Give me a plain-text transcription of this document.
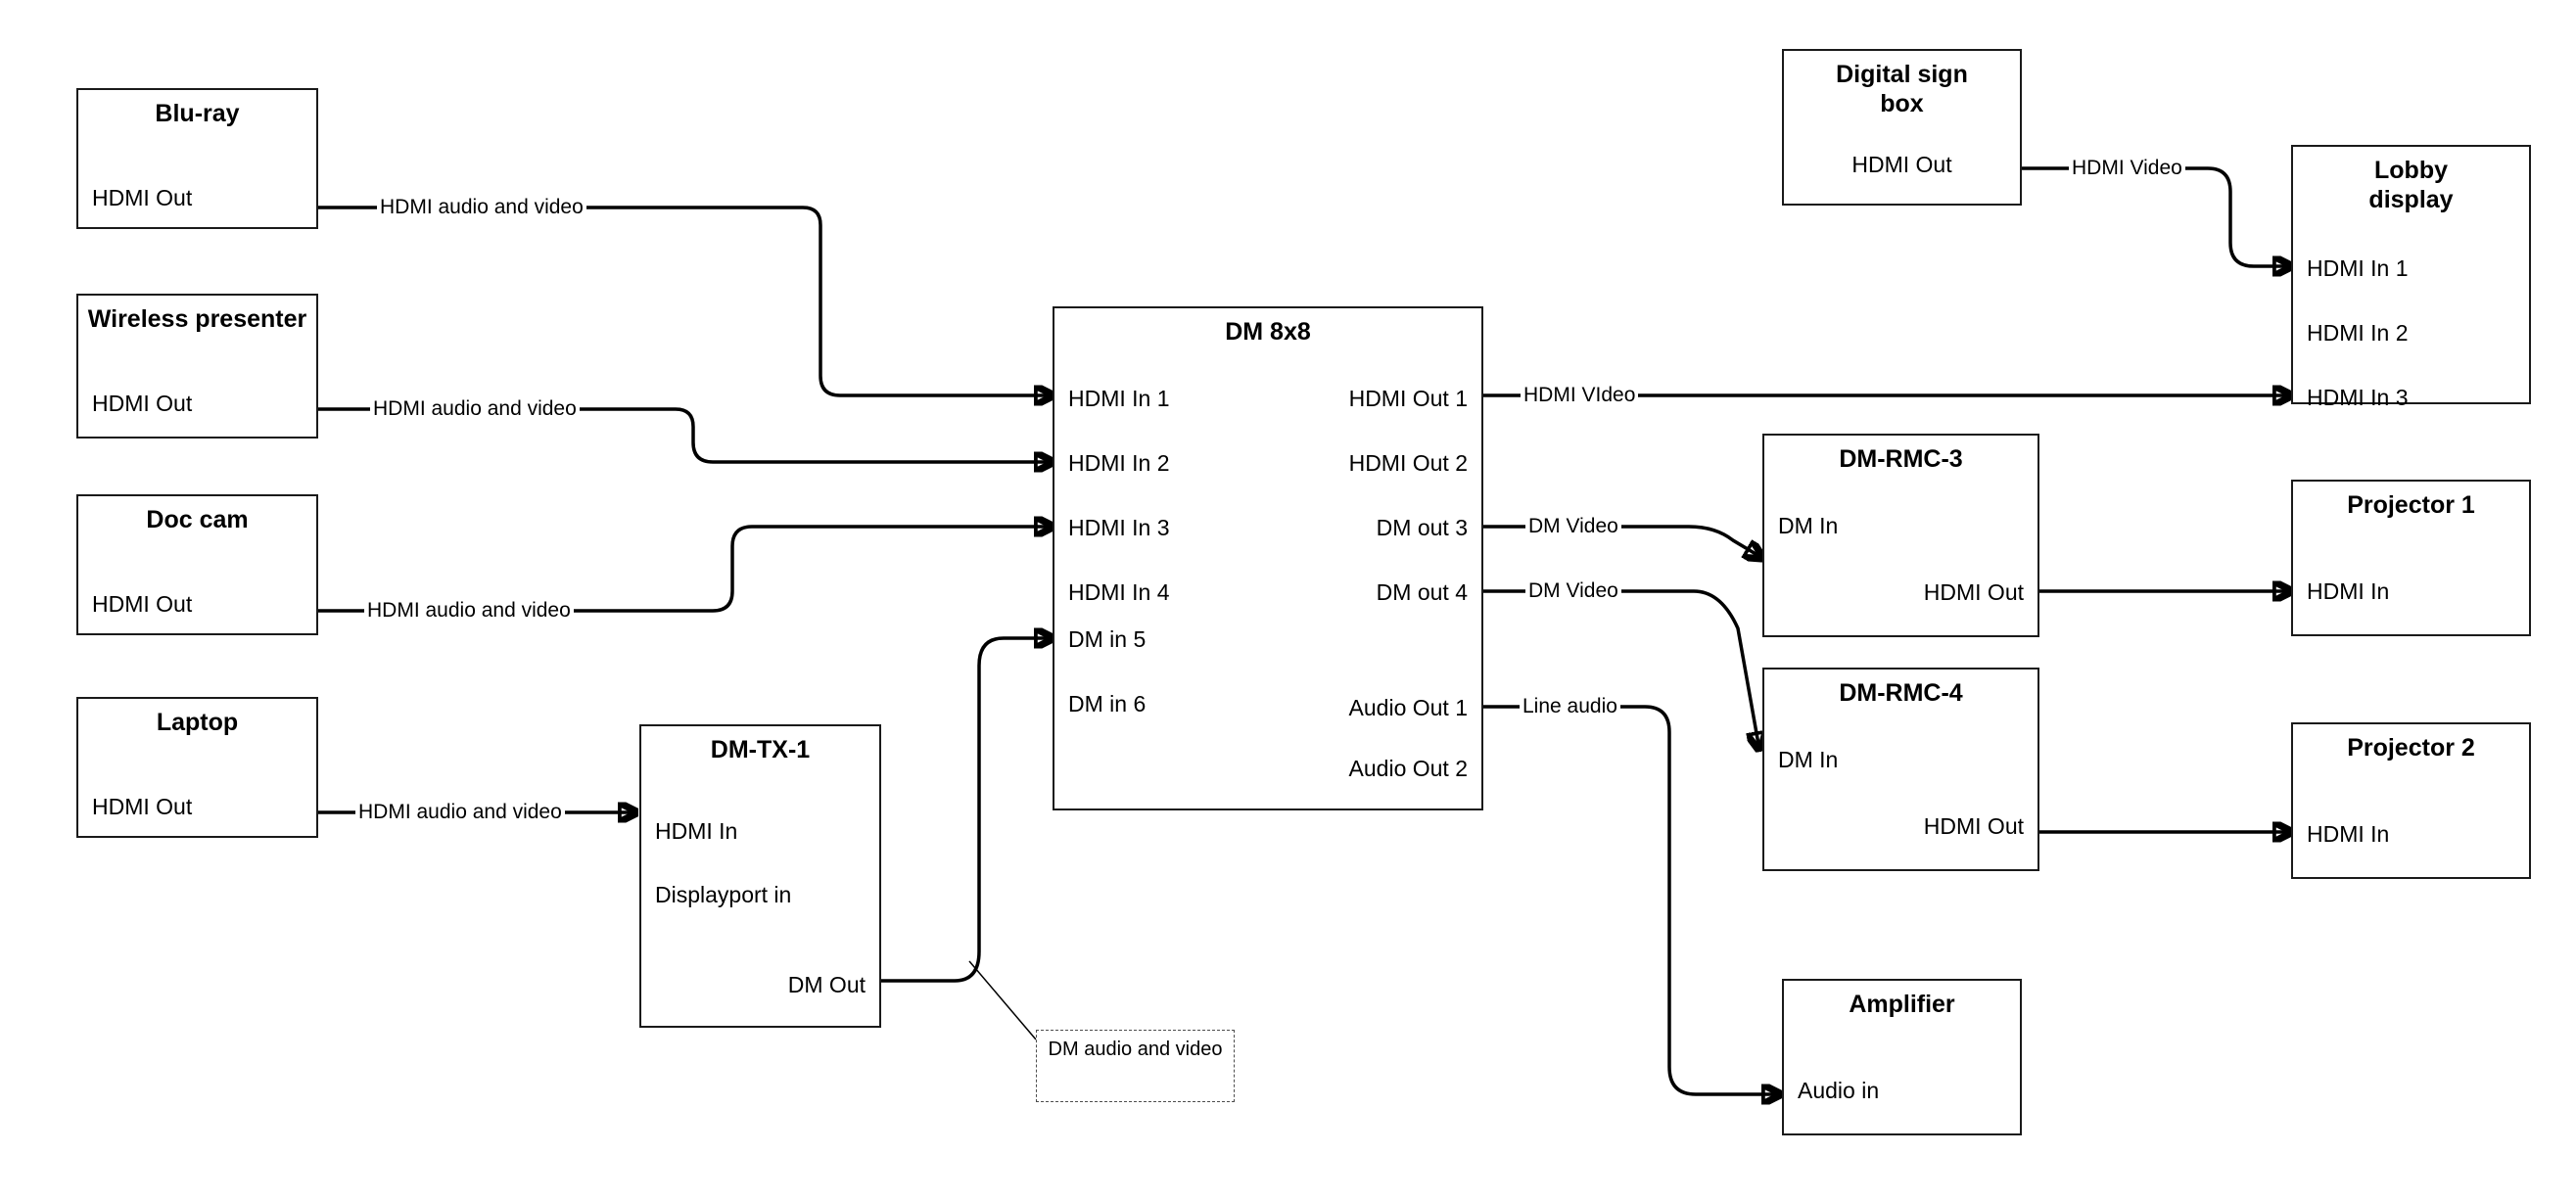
Blu-ray
HDMI Out
Wireless presenter
HDMI Out
Doc cam
HDMI Out
Laptop
HDMI Out
DM-TX-1
HDMI In
Displayport in
DM Out
DM 8x8
HDMI In 1
HDMI In 2
HDMI In 3
HDMI In 4
DM in 5
DM in 6
HDMI Out 1
HDMI Out 2
DM out 3
DM out 4
Audio Out 1
Audio Out 2
Digital sign box
HDMI Out	Lobby display
HDMI In 1
HDMI In 2
HDMI In 3
DM-RMC-3
DM In
HDMI Out
DM-RMC-4
DM In
HDMI Out
Projector 1
HDMI In
Projector 2
HDMI In
Amplifier
Audio in
HDMI audio and video
HDMI audio and video
HDMI audio and video
HDMI audio and video
HDMI Video
HDMI VIdeo
DM Video
DM Video
Line audio
DM audio and video
